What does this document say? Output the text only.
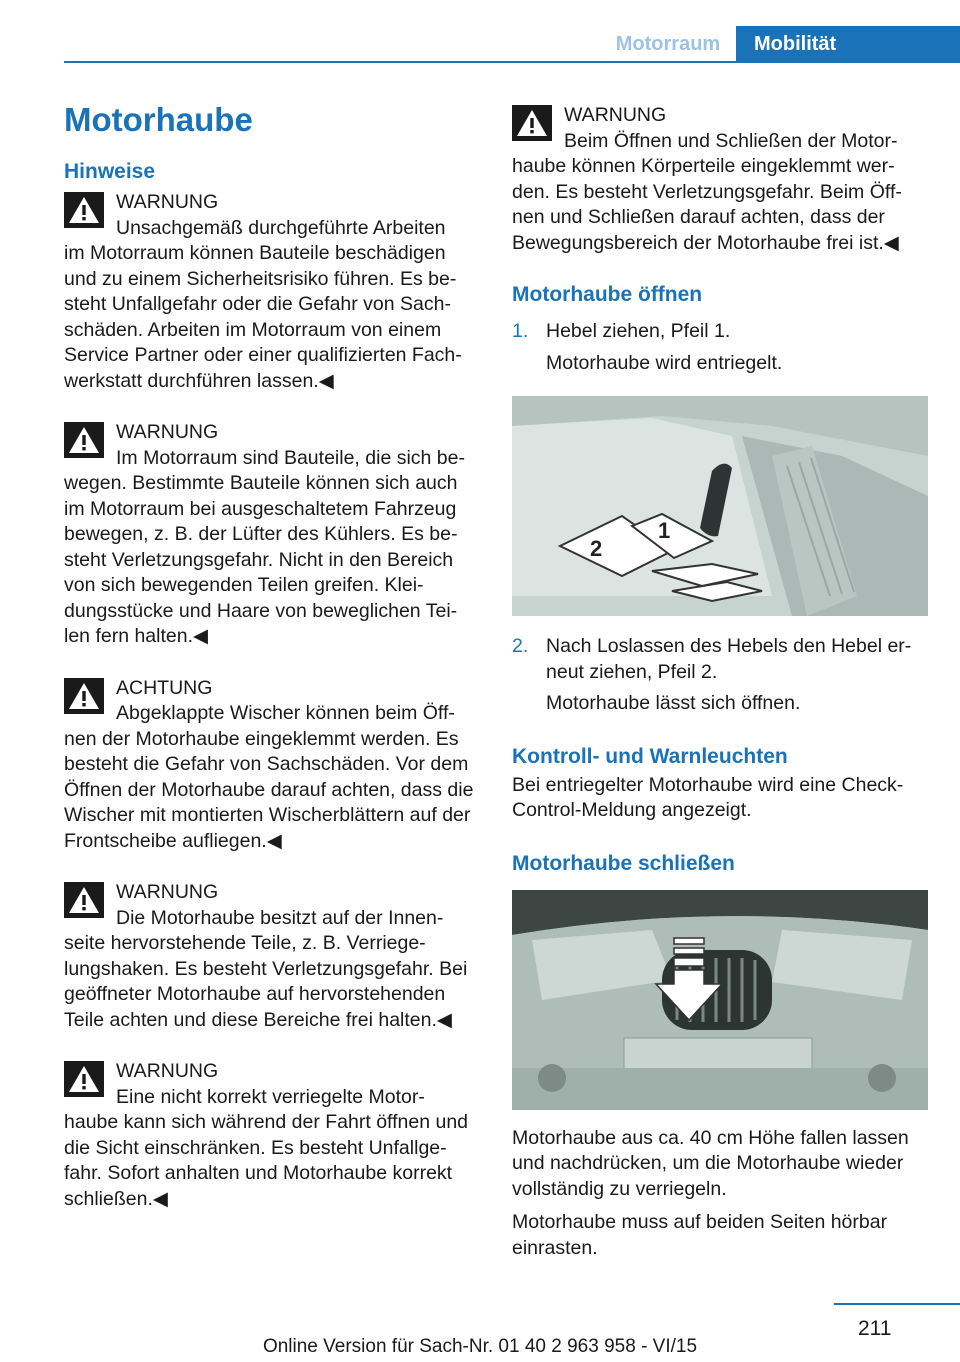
Motorraum	Mobilität
Motorhaube
Hinweise
WARNUNG
Unsachgemäß durchgeführte Arbeiten

im Motorraum können Bauteile beschädigen und zu einem Sicherheitsrisiko führen. Es besteht Unfallgefahr oder die Gefahr von Sachschäden. Arbeiten im Motorraum von einem Service Partner oder einer qualifizierten Fachwerkstatt durchführen lassen.◀

WARNUNG
Im Motorraum sind Bauteile, die sich be‐

wegen. Bestimmte Bauteile können sich auch im Motorraum bei ausgeschaltetem Fahrzeug bewegen, z. B. der Lüfter des Kühlers. Es be‐ steht Verletzungsgefahr. Nicht in den Bereich von sich bewegenden Teilen greifen. Klei‐ dungsstücke und Haare von beweglichen Tei‐ len fern halten.◀

ACHTUNG
Abgeklappte Wischer können beim Öff‐

nen der Motorhaube eingeklemmt werden. Es besteht die Gefahr von Sachschäden. Vor dem Öffnen der Motorhaube darauf achten, dass die Wischer mit montierten Wischerblättern auf der Frontscheibe aufliegen.◀

WARNUNG
Die Motorhaube besitzt auf der Innen‐

seite hervorstehende Teile, z. B. Verriege‐ lungshaken. Es besteht Verletzungsgefahr. Bei geöffneter Motorhaube auf hervorstehenden Teile achten und diese Bereiche frei halten.◀

WARNUNG
Eine nicht korrekt verriegelte Motor‐

haube kann sich während der Fahrt öffnen und die Sicht einschränken. Es besteht Unfallge‐ fahr. Sofort anhalten und Motorhaube korrekt schließen.◀

WARNUNG
Beim Öffnen und Schließen der Motor‐

haube können Körperteile eingeklemmt wer‐ den. Es besteht Verletzungsgefahr. Beim Öff‐ nen und Schließen darauf achten, dass der Bewegungsbereich der Motorhaube frei ist.◀

Motorhaube öffnen
1. Hebel ziehen, Pfeil 1.

Motorhaube wird entriegelt.

2
1
2. Nach Loslassen des Hebels den Hebel er‐ neut ziehen, Pfeil 2.

Motorhaube lässt sich öffnen.

Kontroll- und Warnleuchten

Bei entriegelter Motorhaube wird eine Check-Control-Meldung angezeigt.

Motorhaube schließen

Motorhaube aus ca. 40 cm Höhe fallen lassen und nachdrücken, um die Motorhaube wieder vollständig zu verriegeln.

Motorhaube muss auf beiden Seiten hörbar einrasten.

211
Online Version für Sach-Nr. 01 40 2 963 958 - VI/15
